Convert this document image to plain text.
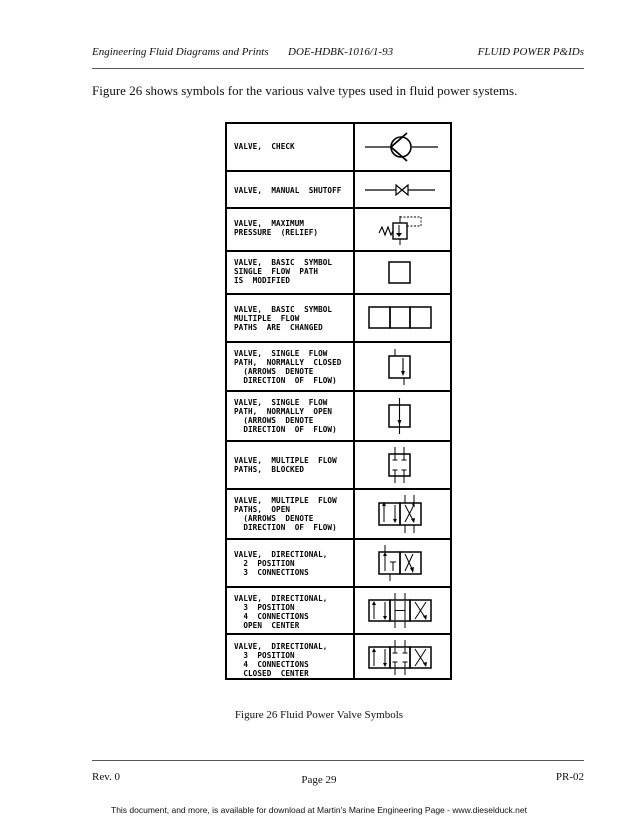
Engineering Fluid Diagrams and Prints DOE-HDBK-1016/1-93	FLUID POWER P&IDs
Figure 26 shows symbols for the various valve types used in fluid power systems.
VALVE,  CHECK
VALVE,  MANUAL  SHUTOFF
VALVE,  MAXIMUM
PRESSURE  (RELIEF)
VALVE,  BASIC  SYMBOL
SINGLE  FLOW  PATH
IS  MODIFIED
VALVE,  BASIC  SYMBOL
MULTIPLE  FLOW
PATHS  ARE  CHANGED
VALVE,  SINGLE  FLOW
PATH,  NORMALLY  CLOSED
(ARROWS  DENOTE
DIRECTION  OF  FLOW)
VALVE,  SINGLE  FLOW
PATH,  NORMALLY  OPEN
(ARROWS  DENOTE
DIRECTION  OF  FLOW)
VALVE,  MULTIPLE  FLOW
PATHS,  BLOCKED
VALVE,  MULTIPLE  FLOW
PATHS,  OPEN
(ARROWS  DENOTE
DIRECTION  OF  FLOW)
VALVE,  DIRECTIONAL,
2  POSITION
3  CONNECTIONS
VALVE,  DIRECTIONAL,
3  POSITION
4  CONNECTIONS
OPEN  CENTER
VALVE,  DIRECTIONAL,
3  POSITION
4  CONNECTIONS
CLOSED  CENTER
Figure 26 Fluid Power Valve Symbols
Rev. 0	Page 29	PR-02
This document, and more, is available for download at Martin's Marine Engineering Page - www.dieselduck.net
